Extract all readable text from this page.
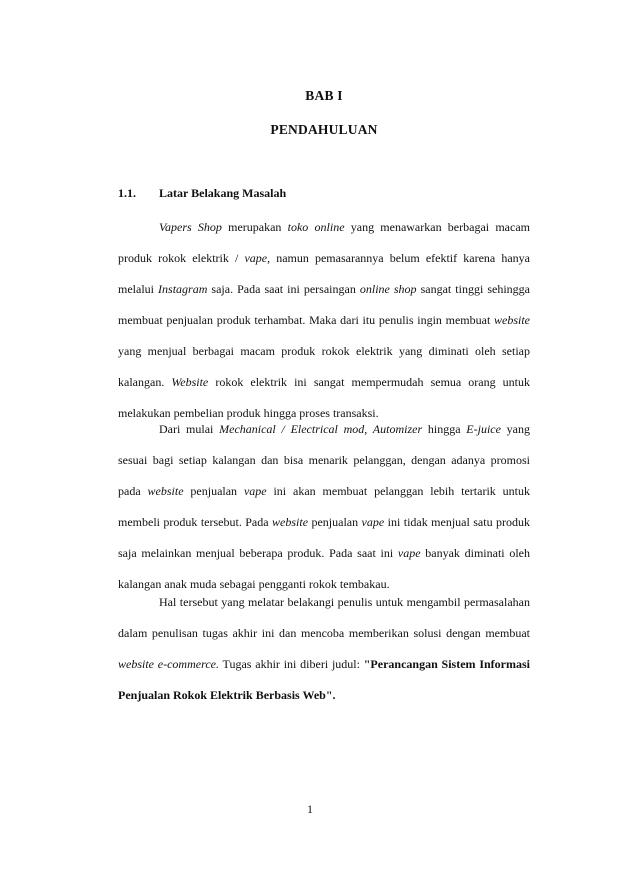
BAB I
PENDAHULUAN
1.1. Latar Belakang Masalah

Vapers Shop merupakan toko online yang menawarkan berbagai macam produk rokok elektrik / vape, namun pemasarannya belum efektif karena hanya melalui Instagram saja. Pada saat ini persaingan online shop sangat tinggi sehingga membuat penjualan produk terhambat. Maka dari itu penulis ingin membuat website yang menjual berbagai macam produk rokok elektrik yang diminati oleh setiap kalangan. Website rokok elektrik ini sangat mempermudah semua orang untuk melakukan pembelian produk hingga proses transaksi.

Dari mulai Mechanical / Electrical mod, Automizer hingga E-juice yang sesuai bagi setiap kalangan dan bisa menarik pelanggan, dengan adanya promosi pada website penjualan vape ini akan membuat pelanggan lebih tertarik untuk membeli produk tersebut. Pada website penjualan vape ini tidak menjual satu produk saja melainkan menjual beberapa produk. Pada saat ini vape banyak diminati oleh kalangan anak muda sebagai pengganti rokok tembakau.

Hal tersebut yang melatar belakangi penulis untuk mengambil permasalahan dalam penulisan tugas akhir ini dan mencoba memberikan solusi dengan membuat website e-commerce. Tugas akhir ini diberi judul: "Perancangan Sistem Informasi Penjualan Rokok Elektrik Berbasis Web".

1
